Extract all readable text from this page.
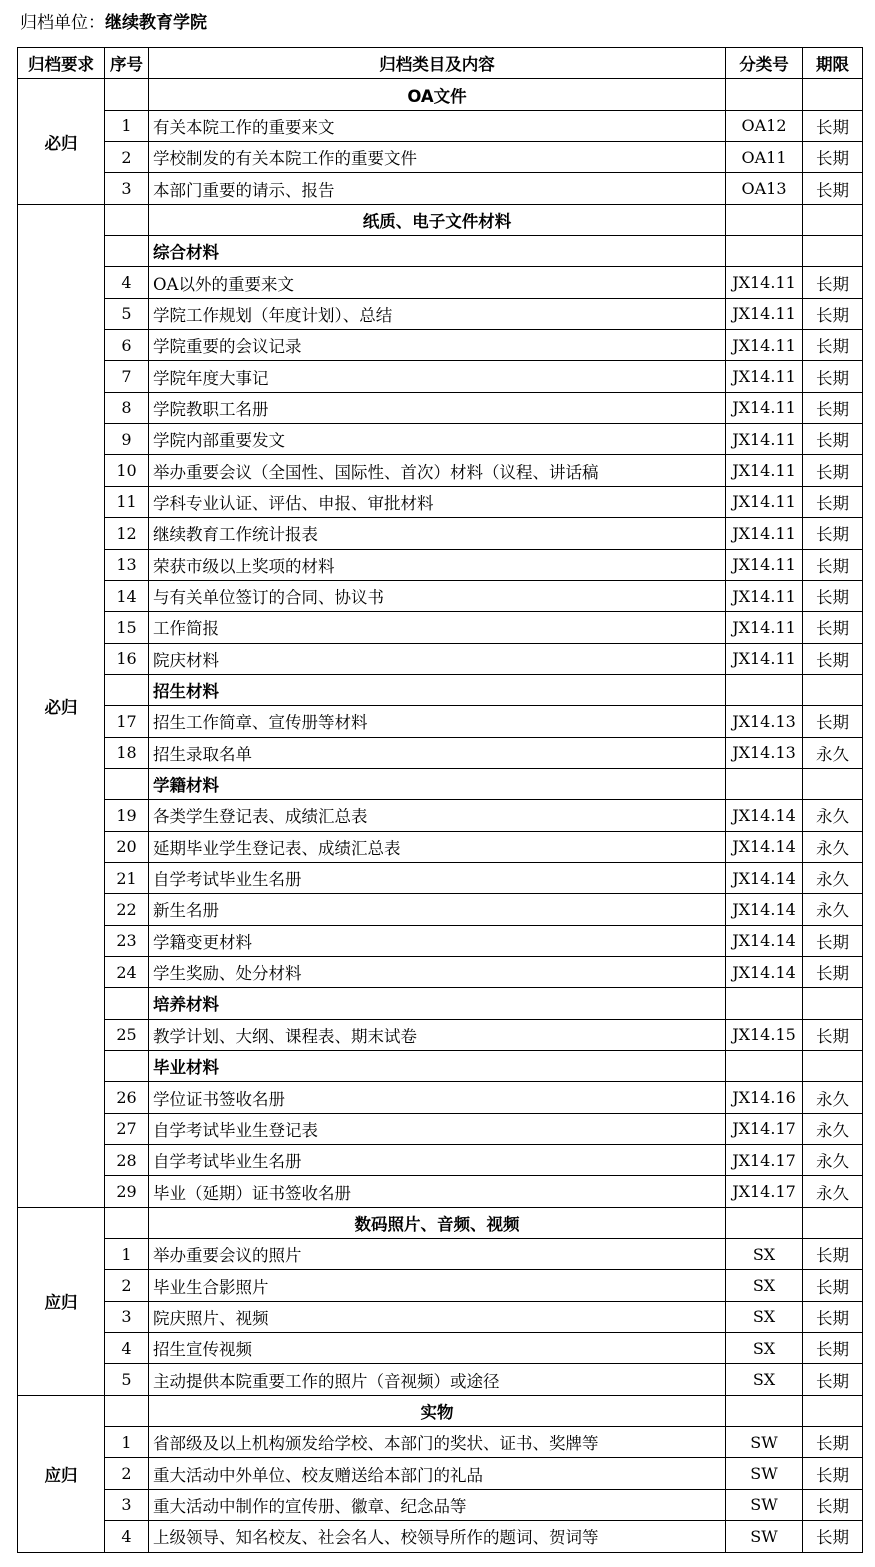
归档单位：继续教育学院
归档要求	序号	归档类目及内容	分类号	期限
必归		OA文件		
	1	有关本院工作的重要来文	OA12	长期
	2	学校制发的有关本院工作的重要文件	OA11	长期
	3	本部门重要的请示、报告	OA13	长期
必归		纸质、电子文件材料		
		综合材料		
	4	OA以外的重要来文	JX14.11	长期
	5	学院工作规划（年度计划）、总结	JX14.11	长期
	6	学院重要的会议记录	JX14.11	长期
	7	学院年度大事记	JX14.11	长期
	8	学院教职工名册	JX14.11	长期
	9	学院内部重要发文	JX14.11	长期
	10	举办重要会议（全国性、国际性、首次）材料（议程、讲话稿	JX14.11	长期
	11	学科专业认证、评估、申报、审批材料	JX14.11	长期
	12	继续教育工作统计报表	JX14.11	长期
	13	荣获市级以上奖项的材料	JX14.11	长期
	14	与有关单位签订的合同、协议书	JX14.11	长期
	15	工作简报	JX14.11	长期
	16	院庆材料	JX14.11	长期
		招生材料		
	17	招生工作简章、宣传册等材料	JX14.13	长期
	18	招生录取名单	JX14.13	永久
		学籍材料		
	19	各类学生登记表、成绩汇总表	JX14.14	永久
	20	延期毕业学生登记表、成绩汇总表	JX14.14	永久
	21	自学考试毕业生名册	JX14.14	永久
	22	新生名册	JX14.14	永久
	23	学籍变更材料	JX14.14	长期
	24	学生奖励、处分材料	JX14.14	长期
		培养材料		
	25	教学计划、大纲、课程表、期末试卷	JX14.15	长期
		毕业材料		
	26	学位证书签收名册	JX14.16	永久
	27	自学考试毕业生登记表	JX14.17	永久
	28	自学考试毕业生名册	JX14.17	永久
	29	毕业（延期）证书签收名册	JX14.17	永久
应归		数码照片、音频、视频		
	1	举办重要会议的照片	SX	长期
	2	毕业生合影照片	SX	长期
	3	院庆照片、视频	SX	长期
	4	招生宣传视频	SX	长期
	5	主动提供本院重要工作的照片（音视频）或途径	SX	长期
应归		实物		
	1	省部级及以上机构颁发给学校、本部门的奖状、证书、奖牌等	SW	长期
	2	重大活动中外单位、校友赠送给本部门的礼品	SW	长期
	3	重大活动中制作的宣传册、徽章、纪念品等	SW	长期
	4	上级领导、知名校友、社会名人、校领导所作的题词、贺词等	SW	长期
